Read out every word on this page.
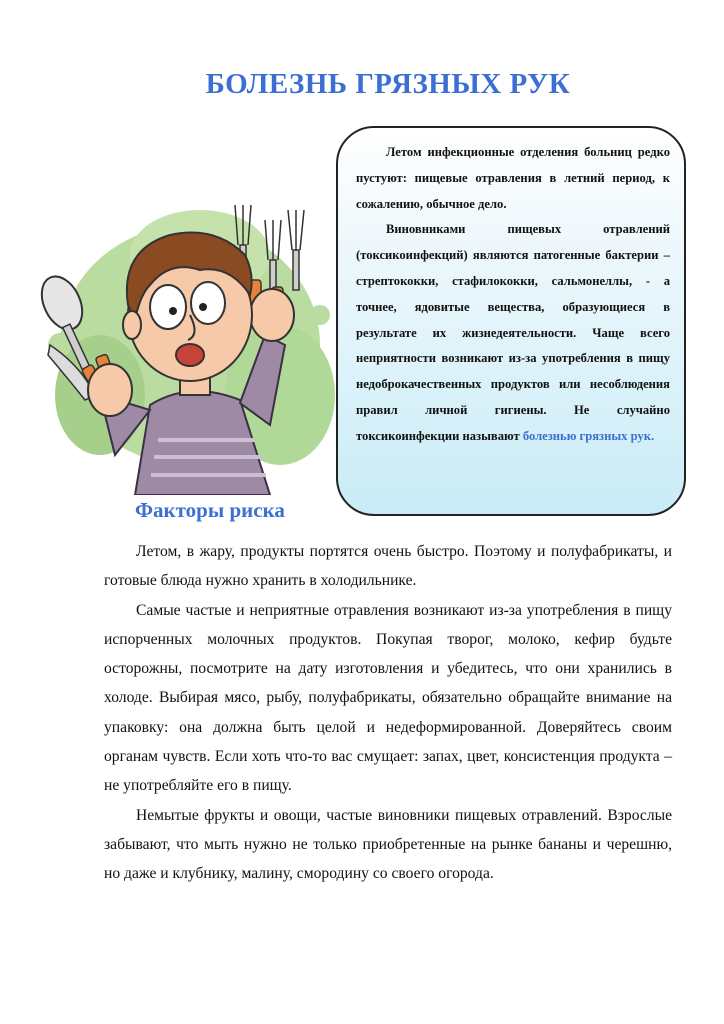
БОЛЕЗНЬ ГРЯЗНЫХ РУК

Летом инфекционные отделения больниц редко пустуют: пищевые отравления в летний период, к сожалению, обычное дело.

Виновниками пищевых отравлений (токсикоинфекций) являются патогенные бактерии – стрептококки, стафилококки, сальмонеллы, - а точнее, ядовитые вещества, образующиеся в результате их жизнедеятельности. Чаще всего неприятности возникают из-за употребления в пищу недоброкачественных продуктов или несоблюдения правил личной гигиены. Не случайно токсикоинфекции называют болезнью грязных рук.

Факторы риска

Летом, в жару, продукты портятся очень быстро. Поэтому и полуфабрикаты, и готовые блюда нужно хранить в холодильнике.

Самые частые и неприятные отравления возникают из-за употребления в пищу испорченных молочных продуктов. Покупая творог, молоко, кефир будьте осторожны, посмотрите на дату изготовления и убедитесь, что они хранились в холоде. Выбирая мясо, рыбу, полуфабрикаты, обязательно обращайте внимание на упаковку: она должна быть целой и недеформированной. Доверяйтесь своим органам чувств. Если хоть что-то вас смущает: запах, цвет, консистенция продукта – не употребляйте его в пищу.

Немытые фрукты и овощи, частые виновники пищевых отравлений. Взрослые забывают, что мыть нужно не только приобретенные на рынке бананы и черешню, но даже и клубнику, малину, смородину со своего огорода.
